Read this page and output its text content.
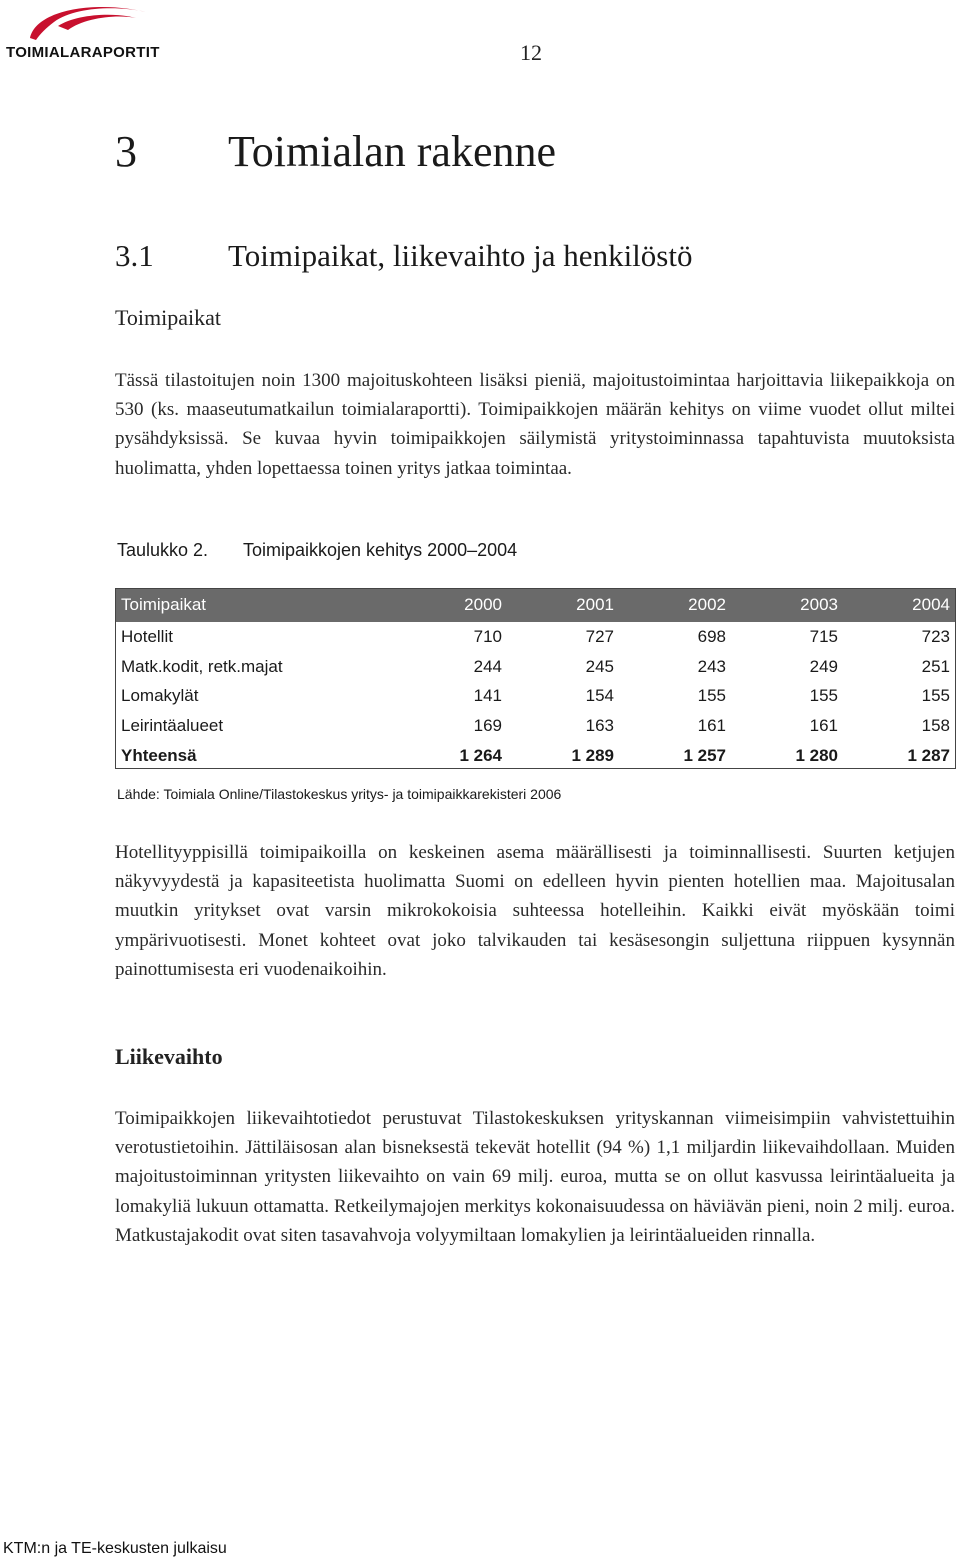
TOIMIALARAPORTIT	12
3 Toimialan rakenne
3.1 Toimipaikat, liikevaihto ja henkilöstö
Toimipaikat

Tässä tilastoitujen noin 1300 majoituskohteen lisäksi pieniä, majoitustoimintaa harjoittavia liikepaikkoja on 530 (ks. maaseutumatkailun toimialaraportti). Toimipaikkojen määrän kehitys on viime vuodet ollut miltei pysähdyksissä. Se kuvaa hyvin toimipaikkojen säilymistä yritystoiminnassa tapahtuvista muutoksista huolimatta, yhden lopettaessa toinen yritys jatkaa toimintaa.

Taulukko 2. Toimipaikkojen kehitys 2000–2004
Toimipaikat	2000	2001	2002	2003	2004
Hotellit	710	727	698	715	723
Matk.kodit, retk.majat	244	245	243	249	251
Lomakylät	141	154	155	155	155
Leirintäalueet	169	163	161	161	158
Yhteensä	1 264	1 289	1 257	1 280	1 287
Lähde: Toimiala Online/Tilastokeskus yritys- ja toimipaikkarekisteri 2006

Hotellityyppisillä toimipaikoilla on keskeinen asema määrällisesti ja toiminnallisesti. Suurten ketjujen näkyvyydestä ja kapasiteetista huolimatta Suomi on edelleen hyvin pienten hotellien maa. Majoitusalan muutkin yritykset ovat varsin mikrokokoisia suhteessa hotelleihin. Kaikki eivät myöskään toimi ympärivuotisesti. Monet kohteet ovat joko talvikauden tai kesäsesongin suljettuna riippuen kysynnän painottumisesta eri vuodenaikoihin.

Liikevaihto

Toimipaikkojen liikevaihtotiedot perustuvat Tilastokeskuksen yrityskannan viimeisimpiin vahvistettuihin verotustietoihin. Jättiläisosan alan bisneksestä tekevät hotellit (94 %) 1,1 miljardin liikevaihdollaan. Muiden majoitustoiminnan yritysten liikevaihto on vain 69 milj. euroa, mutta se on ollut kasvussa leirintäalueita ja lomakyliä lukuun ottamatta. Retkeilymajojen merkitys kokonaisuudessa on häviävän pieni, noin 2 milj. euroa. Matkustajakodit ovat siten tasavahvoja volyymiltaan lomakylien ja leirintäalueiden rinnalla.

KTM:n ja TE-keskusten julkaisu
